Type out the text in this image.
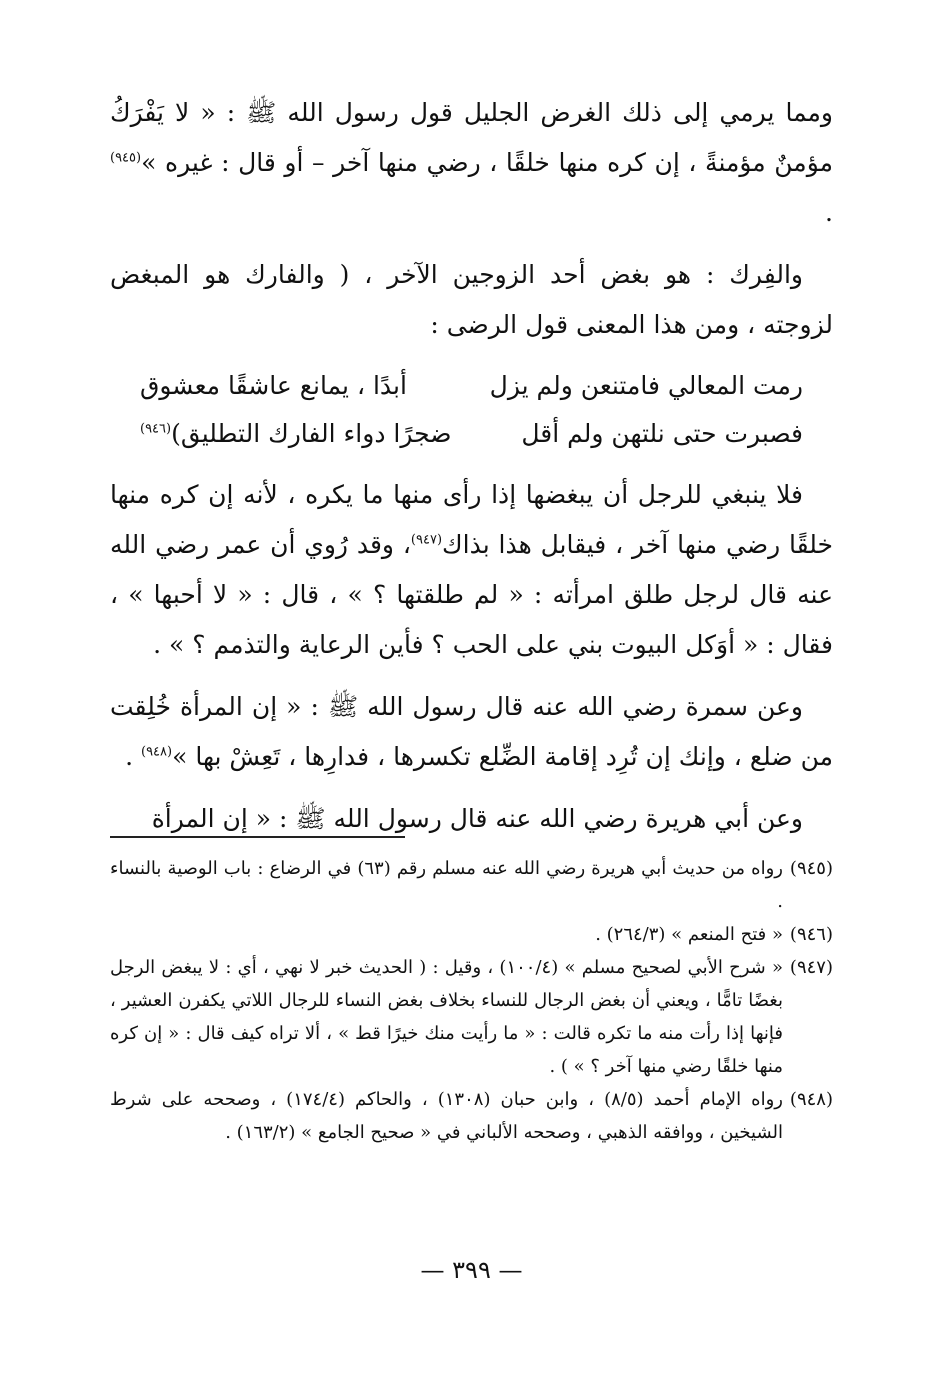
ومما يرمي إلى ذلك الغرض الجليل قول رسول الله ﷺ : « لا يَفْرَكُ مؤمنٌ مؤمنةً ، إن كره منها خلقًا ، رضي منها آخر – أو قال : غيره »$^{(٩٤٥)}$ .

والفِرك : هو بغض أحد الزوجين الآخر ، ( والفارك هو المبغض لزوجته ، ومن هذا المعنى قول الرضى :

رمت المعالي فامتنعن ولم يزل
أبدًا ، يمانع عاشقًا معشوق
فصبرت حتى نلتهن ولم أقل
ضجرًا دواء الفارك التطليق)$^{(٩٤٦)}$

فلا ينبغي للرجل أن يبغضها إذا رأى منها ما يكره ، لأنه إن كره منها خلقًا رضي منها آخر ، فيقابل هذا بذاك$^{(٩٤٧)}$، وقد رُوي أن عمر رضي الله عنه قال لرجل طلق امرأته : « لم طلقتها ؟ » ، قال : « لا أحبها » ، فقال : « أوَكل البيوت بني على الحب ؟ فأين الرعاية والتذمم ؟ » .

وعن سمرة رضي الله عنه قال رسول الله ﷺ : « إن المرأة خُلِقت من ضلع ، وإنك إن تُرِد إقامة الضِّلع تكسرها ، فدارِها ، تَعِشْ بها »$^{(٩٤٨)}$ .

وعن أبي هريرة رضي الله عنه قال رسول الله ﷺ : « إن المرأة

(٩٤٥)
رواه من حديث أبي هريرة رضي الله عنه مسلم رقم (٦٣) في الرضاع : باب الوصية بالنساء .
(٩٤٦)
« فتح المنعم » (٢٦٤/٣) .
(٩٤٧)
« شرح الأبي لصحيح مسلم » (١٠٠/٤) ، وقيل : ( الحديث خبر لا نهي ، أي : لا يبغض الرجل بغضًا تامًّا ، ويعني أن بغض الرجال للنساء بخلاف بغض النساء للرجال اللاتي يكفرن العشير ، فإنها إذا رأت منه ما تكره قالت : « ما رأيت منك خيرًا قط » ، ألا تراه كيف قال : « إن كره منها خلقًا رضي منها آخر ؟ » ) .
(٩٤٨)
رواه الإمام أحمد (٨/٥) ، وابن حبان (١٣٠٨) ، والحاكم (١٧٤/٤) ، وصححه على شرط الشيخين ، ووافقه الذهبي ، وصححه الألباني في « صحيح الجامع » (١٦٣/٢) .
— ٣٩٩ —
